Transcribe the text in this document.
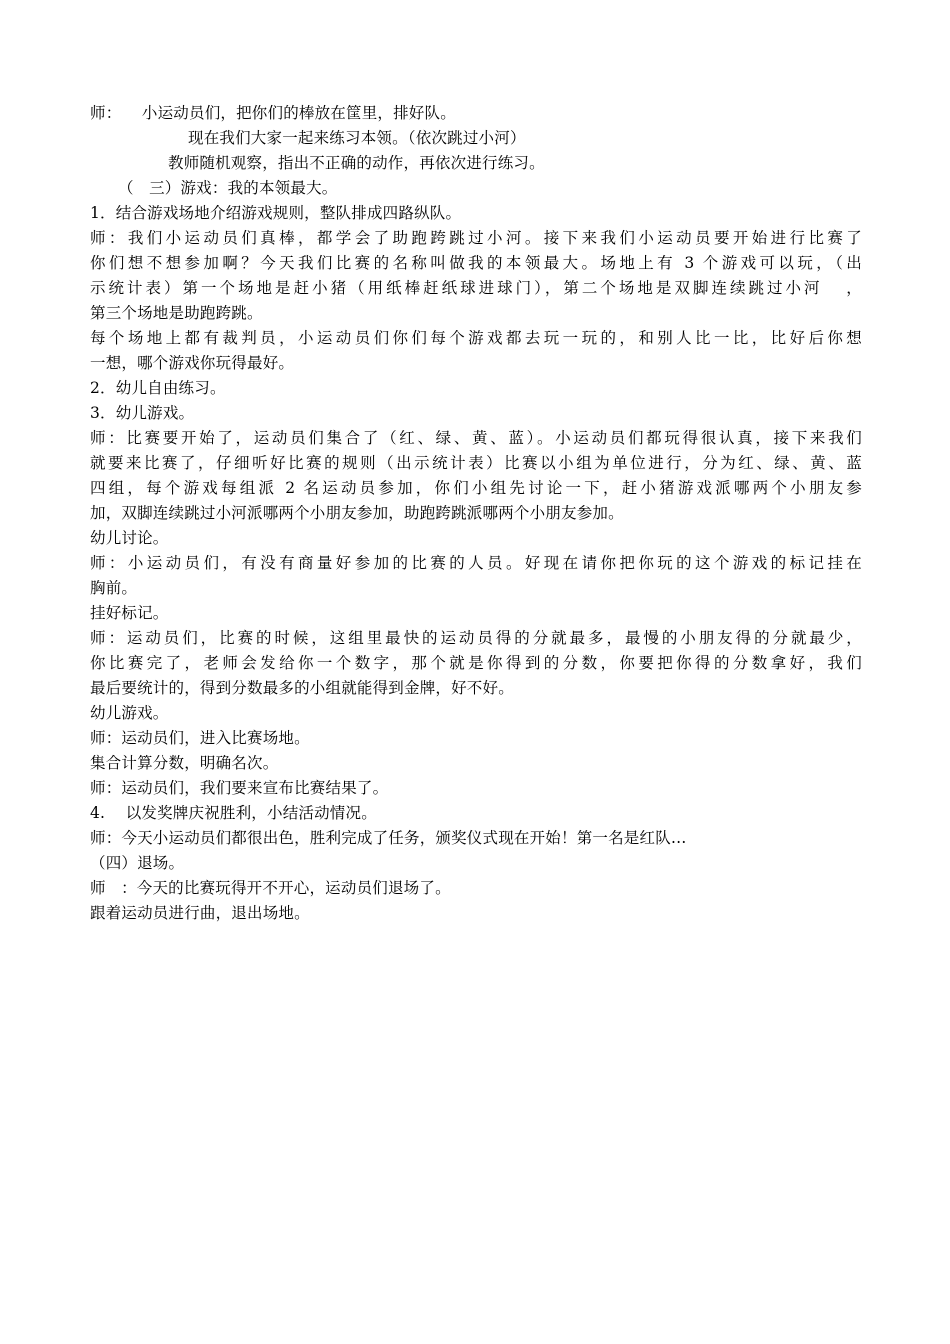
师：    小运动员们，把你们的棒放在筐里，排好队。
现在我们大家一起来练习本领。（依次跳过小河）
教师随机观察，指出不正确的动作，再依次进行练习。
（   三）游戏：我的本领最大。
1．结合游戏场地介绍游戏规则，整队排成四路纵队。
师：我们小运动员们真棒，都学会了助跑跨跳过小河。接下来我们小运动员要开始进行比赛了
你们想不想参加啊？今天我们比赛的名称叫做我的本领最大。场地上有 3 个游戏可以玩，（出
示统计表）第一个场地是赶小猪（用纸棒赶纸球进球门），第二个场地是双脚连续跳过小河   ，
第三个场地是助跑跨跳。
每个场地上都有裁判员，小运动员们你们每个游戏都去玩一玩的，和别人比一比，比好后你想
一想，哪个游戏你玩得最好。
2．幼儿自由练习。
3．幼儿游戏。
师：比赛要开始了，运动员们集合了（红、绿、黄、蓝）。小运动员们都玩得很认真，接下来我们
就要来比赛了，仔细听好比赛的规则（出示统计表）比赛以小组为单位进行，分为红、绿、黄、蓝
四组，每个游戏每组派 2 名运动员参加，你们小组先讨论一下，赶小猪游戏派哪两个小朋友参
加，双脚连续跳过小河派哪两个小朋友参加，助跑跨跳派哪两个小朋友参加。
幼儿讨论。
师：小运动员们，有没有商量好参加的比赛的人员。好现在请你把你玩的这个游戏的标记挂在
胸前。
挂好标记。
师：运动员们，比赛的时候，这组里最快的运动员得的分就最多，最慢的小朋友得的分就最少，
你比赛完了，老师会发给你一个数字，那个就是你得到的分数，你要把你得的分数拿好，我们
最后要统计的，得到分数最多的小组就能得到金牌，好不好。
幼儿游戏。
师：运动员们，进入比赛场地。
集合计算分数，明确名次。
师：运动员们，我们要来宣布比赛结果了。
4.    以发奖牌庆祝胜利，小结活动情况。
师：今天小运动员们都很出色，胜利完成了任务，颁奖仪式现在开始！第一名是红队…
（四）退场。
师   ：今天的比赛玩得开不开心，运动员们退场了。
跟着运动员进行曲，退出场地。
